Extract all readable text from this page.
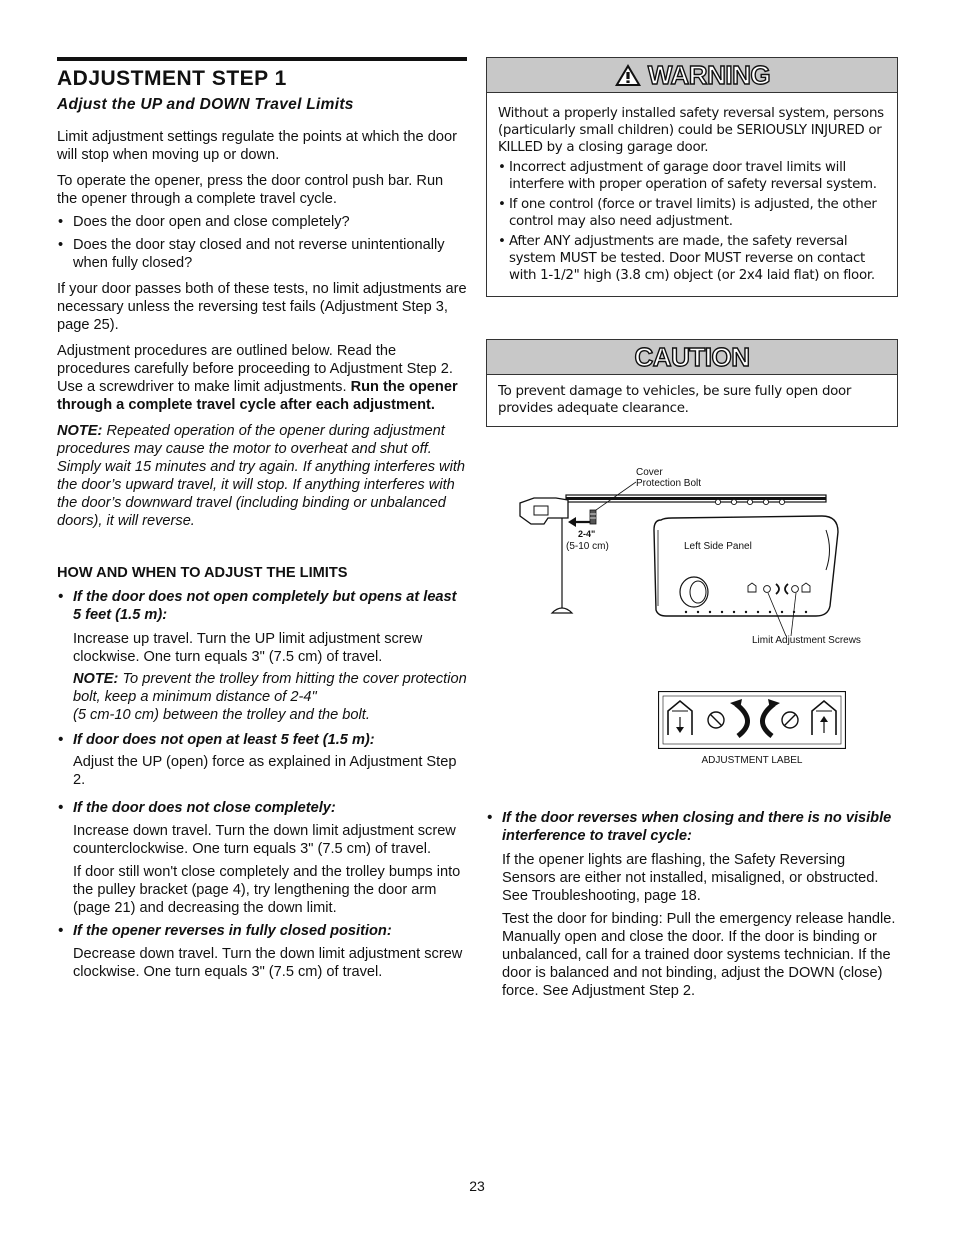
ADJUSTMENT STEP 1
Adjust the UP and DOWN Travel Limits

Limit adjustment settings regulate the points at which the door will stop when moving up or down.

To operate the opener, press the door control push bar. Run the opener through a complete travel cycle.

• Does the door open and close completely?

• Does the door stay closed and not reverse unintentionally when fully closed?

If your door passes both of these tests, no limit adjustments are necessary unless the reversing test fails (Adjustment Step 3, page 25).

Adjustment procedures are outlined below. Read the procedures carefully before proceeding to Adjustment Step 2. Use a screwdriver to make limit adjustments. Run the opener through a complete travel cycle after each adjustment.

NOTE: Repeated operation of the opener during adjustment procedures may cause the motor to overheat and shut off. Simply wait 15 minutes and try again. If anything interferes with the door’s upward travel, it will stop. If anything interferes with the door’s downward travel (including binding or unbalanced doors), it will reverse.

HOW AND WHEN TO ADJUST THE LIMITS

• If the door does not open completely but opens at least 5 feet (1.5 m):

Increase up travel. Turn the UP limit adjustment screw clockwise. One turn equals 3" (7.5 cm) of travel.

NOTE: To prevent the trolley from hitting the cover protection bolt, keep a minimum distance of 2-4"
(5 cm-10 cm) between the trolley and the bolt.

• If door does not open at least 5 feet (1.5 m):

Adjust the UP (open) force as explained in Adjustment Step 2.

• If the door does not close completely:

Increase down travel. Turn the down limit adjustment screw counterclockwise. One turn equals 3" (7.5 cm) of travel.

If door still won't close completely and the trolley bumps into the pulley bracket (page 4), try lengthening the door arm (page 21) and decreasing the down limit.

• If the opener reverses in fully closed position:

Decrease down travel. Turn the down limit adjustment screw clockwise. One turn equals 3" (7.5 cm) of travel.

WARNING

Without a properly installed safety reversal system, persons (particularly small children) could be SERIOUSLY INJURED or KILLED by a closing garage door.

• Incorrect adjustment of garage door travel limits will interfere with proper operation of safety reversal system.

• If one control (force or travel limits) is adjusted, the other control may also need adjustment.

• After ANY adjustments are made, the safety reversal system MUST be tested. Door MUST reverse on contact with 1-1/2" high (3.8 cm) object (or 2x4 laid flat) on floor.

CAUTION

To prevent damage to vehicles, be sure fully open door provides adequate clearance.

Cover
Protection Bolt
2-4"
(5-10 cm)	Left Side Panel
Limit Adjustment Screws
ADJUSTMENT LABEL

• If the door reverses when closing and there is no visible interference to travel cycle:

If the opener lights are flashing, the Safety Reversing Sensors are either not installed, misaligned, or obstructed. See Troubleshooting, page 18.

Test the door for binding: Pull the emergency release handle. Manually open and close the door. If the door is binding or unbalanced, call for a trained door systems technician. If the door is balanced and not binding, adjust the DOWN (close) force. See Adjustment Step 2.

23
